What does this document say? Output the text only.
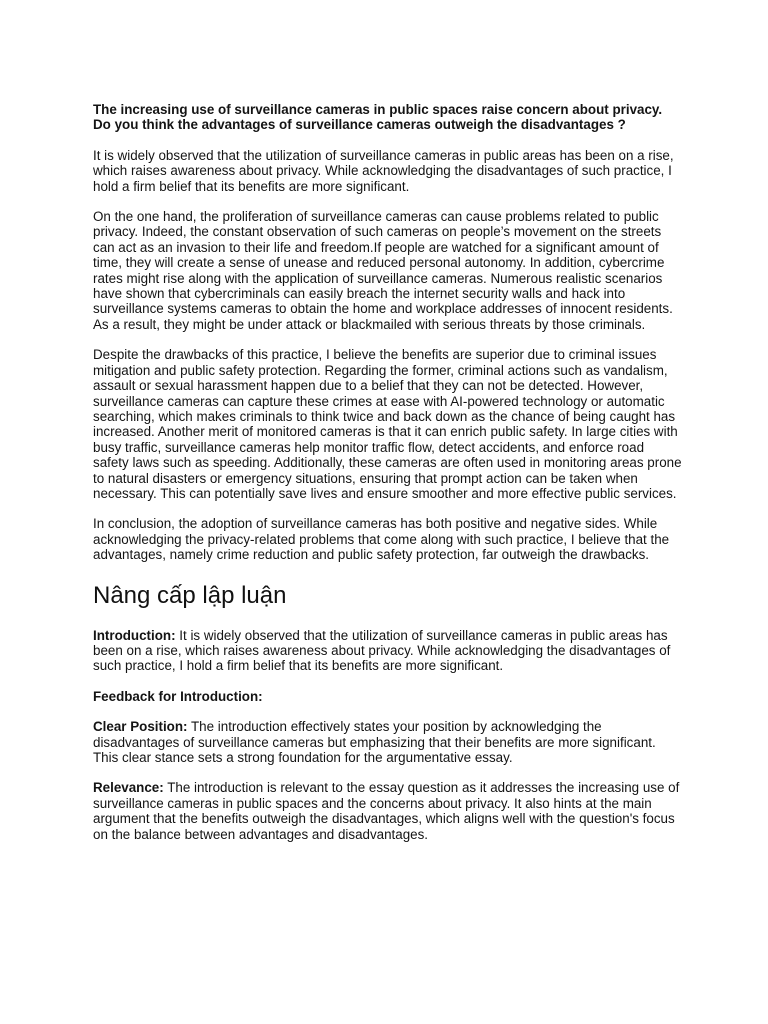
The increasing use of surveillance cameras in public spaces raise concern about privacy. Do you think the advantages of surveillance cameras outweigh the disadvantages ?

It is widely observed that the utilization of surveillance cameras in public areas has been on a rise, which raises awareness about privacy. While acknowledging the disadvantages of such practice, I hold a firm belief that its benefits are more significant.

On the one hand, the proliferation of surveillance cameras can cause problems related to public privacy. Indeed, the constant observation of such cameras on people’s movement on the streets can act as an invasion to their life and freedom.If people are watched for a significant amount of time, they will create a sense of unease and reduced personal autonomy. In addition, cybercrime rates might rise along with the application of surveillance cameras. Numerous realistic scenarios have shown that cybercriminals can easily breach the internet security walls and hack into surveillance systems cameras to obtain the home and workplace addresses of innocent residents. As a result, they might be under attack or blackmailed with serious threats by those criminals.

Despite the drawbacks of this practice, I believe the benefits are superior due to criminal issues mitigation and public safety protection. Regarding the former, criminal actions such as vandalism, assault or sexual harassment happen due to a belief that they can not be detected. However, surveillance cameras can capture these crimes at ease with AI-powered technology or automatic searching, which makes criminals to think twice and back down as the chance of being caught has increased. Another merit of monitored cameras is that it can enrich public safety. In large cities with busy traffic, surveillance cameras help monitor traffic flow, detect accidents, and enforce road safety laws such as speeding. Additionally, these cameras are often used in monitoring areas prone to natural disasters or emergency situations, ensuring that prompt action can be taken when necessary. This can potentially save lives and ensure smoother and more effective public services.

In conclusion, the adoption of surveillance cameras has both positive and negative sides. While acknowledging the privacy-related problems that come along with such practice, I believe that the advantages, namely crime reduction and public safety protection, far outweigh the drawbacks.

Nâng cấp lập luận

Introduction: It is widely observed that the utilization of surveillance cameras in public areas has been on a rise, which raises awareness about privacy. While acknowledging the disadvantages of such practice, I hold a firm belief that its benefits are more significant.

Feedback for Introduction:

Clear Position: The introduction effectively states your position by acknowledging the disadvantages of surveillance cameras but emphasizing that their benefits are more significant. This clear stance sets a strong foundation for the argumentative essay.

Relevance: The introduction is relevant to the essay question as it addresses the increasing use of surveillance cameras in public spaces and the concerns about privacy. It also hints at the main argument that the benefits outweigh the disadvantages, which aligns well with the question's focus on the balance between advantages and disadvantages.
